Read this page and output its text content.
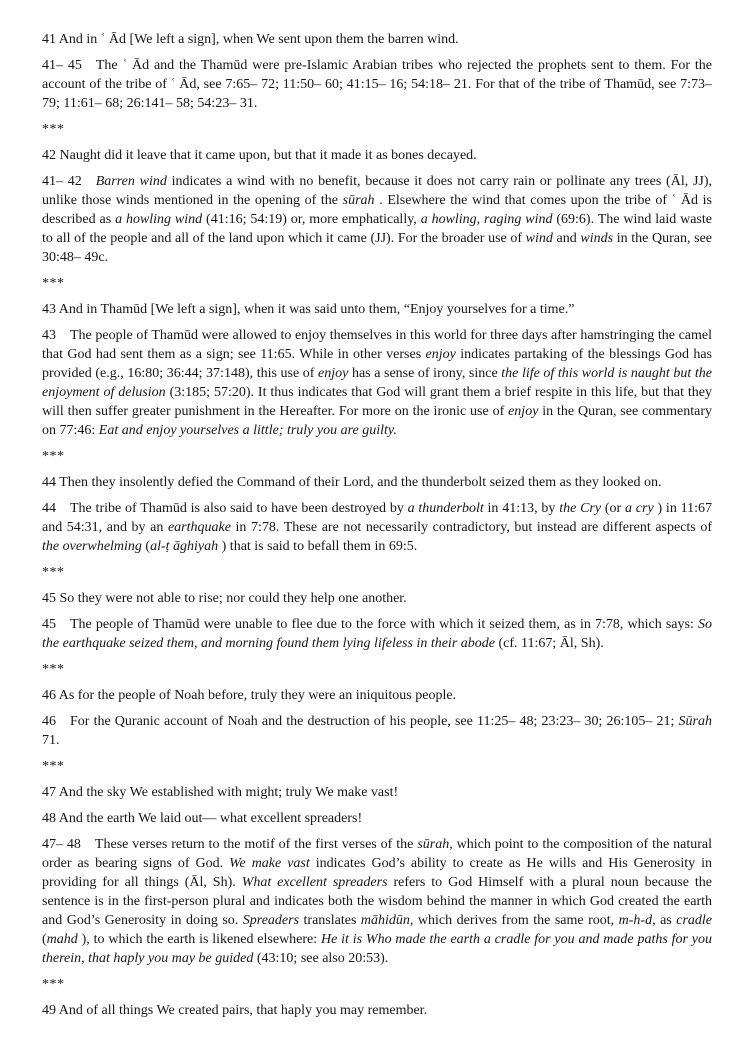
41 And in ʿ Ād [We left a sign], when We sent upon them the barren wind.

41– 45 The ʿ Ād and the Thamūd were pre-Islamic Arabian tribes who rejected the prophets sent to them. For the account of the tribe of ʿ Ād, see 7:65– 72; 11:50– 60; 41:15– 16; 54:18– 21. For that of the tribe of Thamūd, see 7:73– 79; 11:61– 68; 26:141– 58; 54:23– 31.

***

42 Naught did it leave that it came upon, but that it made it as bones decayed.

41– 42 Barren wind indicates a wind with no benefit, because it does not carry rain or pollinate any trees (Āl, JJ), unlike those winds mentioned in the opening of the sūrah . Elsewhere the wind that comes upon the tribe of ʿ Ād is described as a howling wind (41:16; 54:19) or, more emphatically, a howling, raging wind (69:6). The wind laid waste to all of the people and all of the land upon which it came (JJ). For the broader use of wind and winds in the Quran, see 30:48– 49c.

***

43 And in Thamūd [We left a sign], when it was said unto them, “Enjoy yourselves for a time.”

43 The people of Thamūd were allowed to enjoy themselves in this world for three days after hamstringing the camel that God had sent them as a sign; see 11:65. While in other verses enjoy indicates partaking of the blessings God has provided (e.g., 16:80; 36:44; 37:148), this use of enjoy has a sense of irony, since the life of this world is naught but the enjoyment of delusion (3:185; 57:20). It thus indicates that God will grant them a brief respite in this life, but that they will then suffer greater punishment in the Hereafter. For more on the ironic use of enjoy in the Quran, see commentary on 77:46: Eat and enjoy yourselves a little; truly you are guilty.

***

44 Then they insolently defied the Command of their Lord, and the thunderbolt seized them as they looked on.

44 The tribe of Thamūd is also said to have been destroyed by a thunderbolt in 41:13, by the Cry (or a cry ) in 11:67 and 54:31, and by an earthquake in 7:78. These are not necessarily contradictory, but instead are different aspects of the overwhelming (al-ṭ āghiyah ) that is said to befall them in 69:5.

***

45 So they were not able to rise; nor could they help one another.

45 The people of Thamūd were unable to flee due to the force with which it seized them, as in 7:78, which says: So the earthquake seized them, and morning found them lying lifeless in their abode (cf. 11:67; Āl, Sh).

***

46 As for the people of Noah before, truly they were an iniquitous people.

46 For the Quranic account of Noah and the destruction of his people, see 11:25– 48; 23:23– 30; 26:105– 21; Sūrah 71.

***

47 And the sky We established with might; truly We make vast!

48 And the earth We laid out— what excellent spreaders!

47– 48 These verses return to the motif of the first verses of the sūrah, which point to the composition of the natural order as bearing signs of God. We make vast indicates God’s ability to create as He wills and His Generosity in providing for all things (Āl, Sh). What excellent spreaders refers to God Himself with a plural noun because the sentence is in the first-person plural and indicates both the wisdom behind the manner in which God created the earth and God’s Generosity in doing so. Spreaders translates māhidūn, which derives from the same root, m-h-d, as cradle (mahd ), to which the earth is likened elsewhere: He it is Who made the earth a cradle for you and made paths for you therein, that haply you may be guided (43:10; see also 20:53).

***

49 And of all things We created pairs, that haply you may remember.
